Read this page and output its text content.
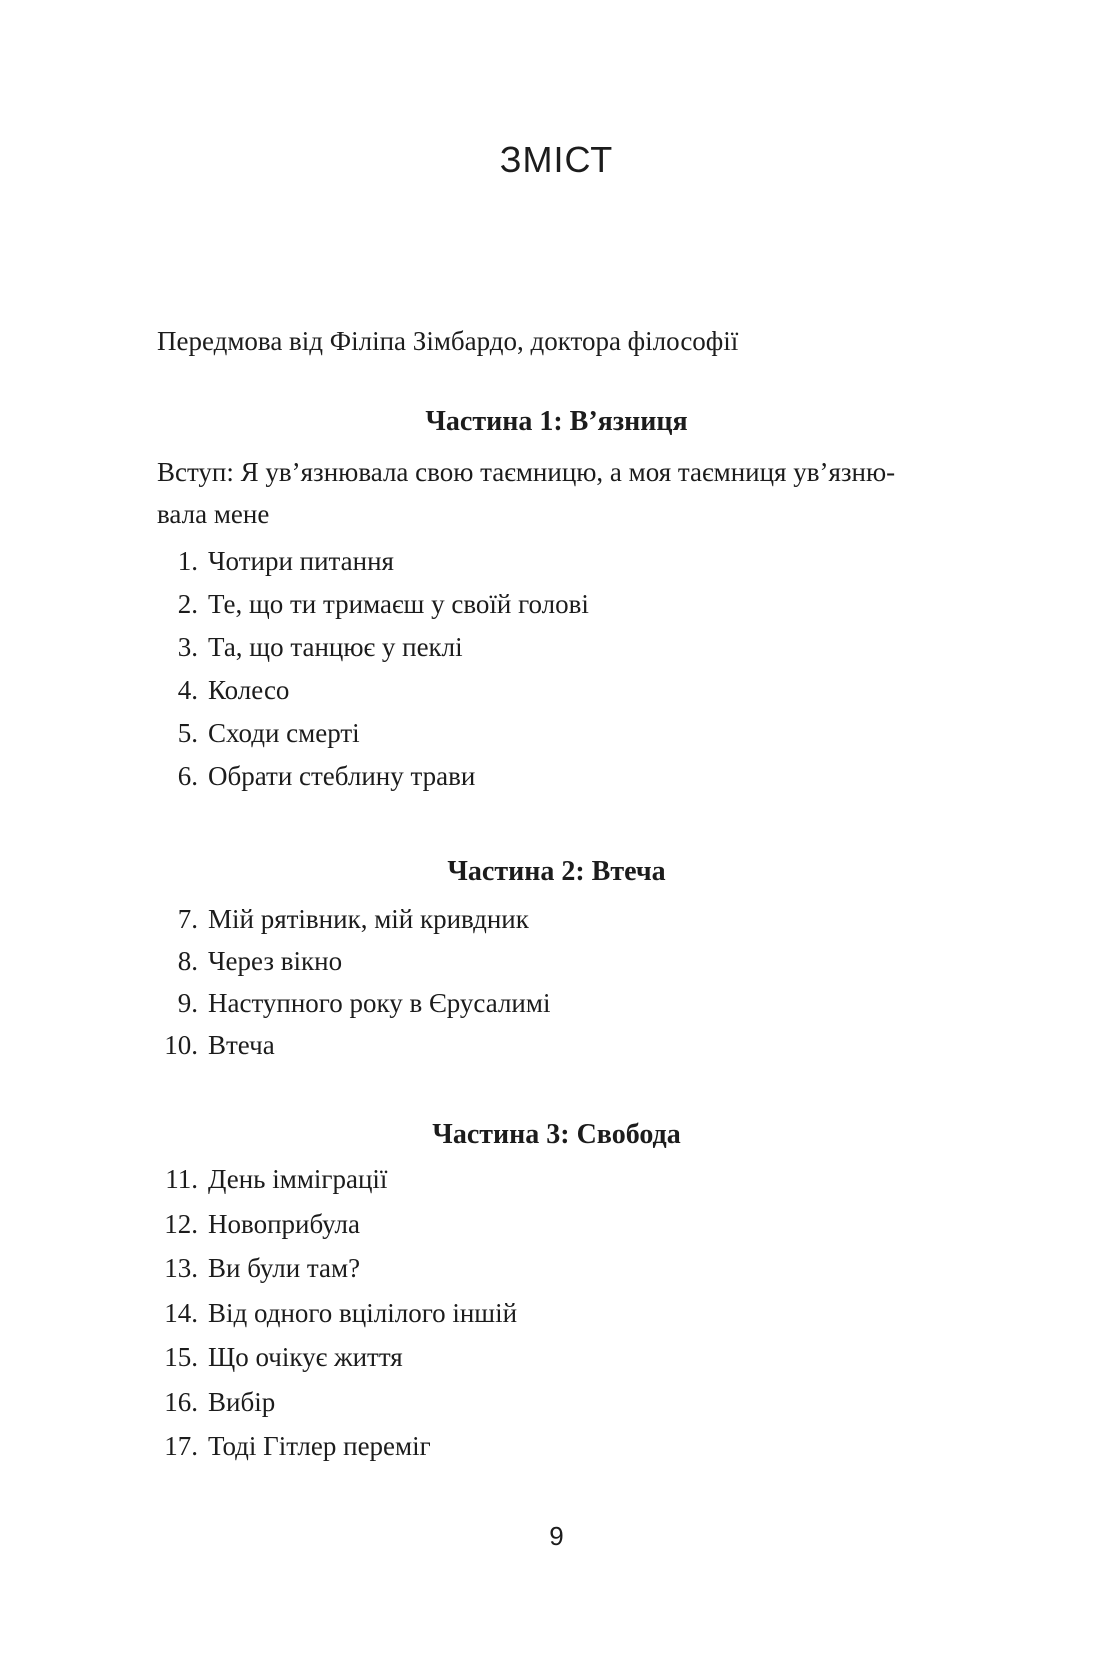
ЗМІСТ

Передмова від Філіпа Зімбардо, доктора філософії

Частина 1: В’язниця

Вступ: Я ув’язнювала свою таємницю, а моя таємниця ув’язню-
вала мене

1. Чотири питання
2. Те, що ти тримаєш у своїй голові
3. Та, що танцює у пеклі
4. Колесо
5. Сходи смерті
6. Обрати стеблину трави
Частина 2: Втеча
7. Мій рятівник, мій кривдник
8. Через вікно
9. Наступного року в Єрусалимі
10. Втеча
Частина 3: Свобода
11. День імміграції
12. Новоприбула
13. Ви були там?
14. Від одного вцілілого іншій
15. Що очікує життя
16. Вибір
17. Тоді Гітлер переміг
9
